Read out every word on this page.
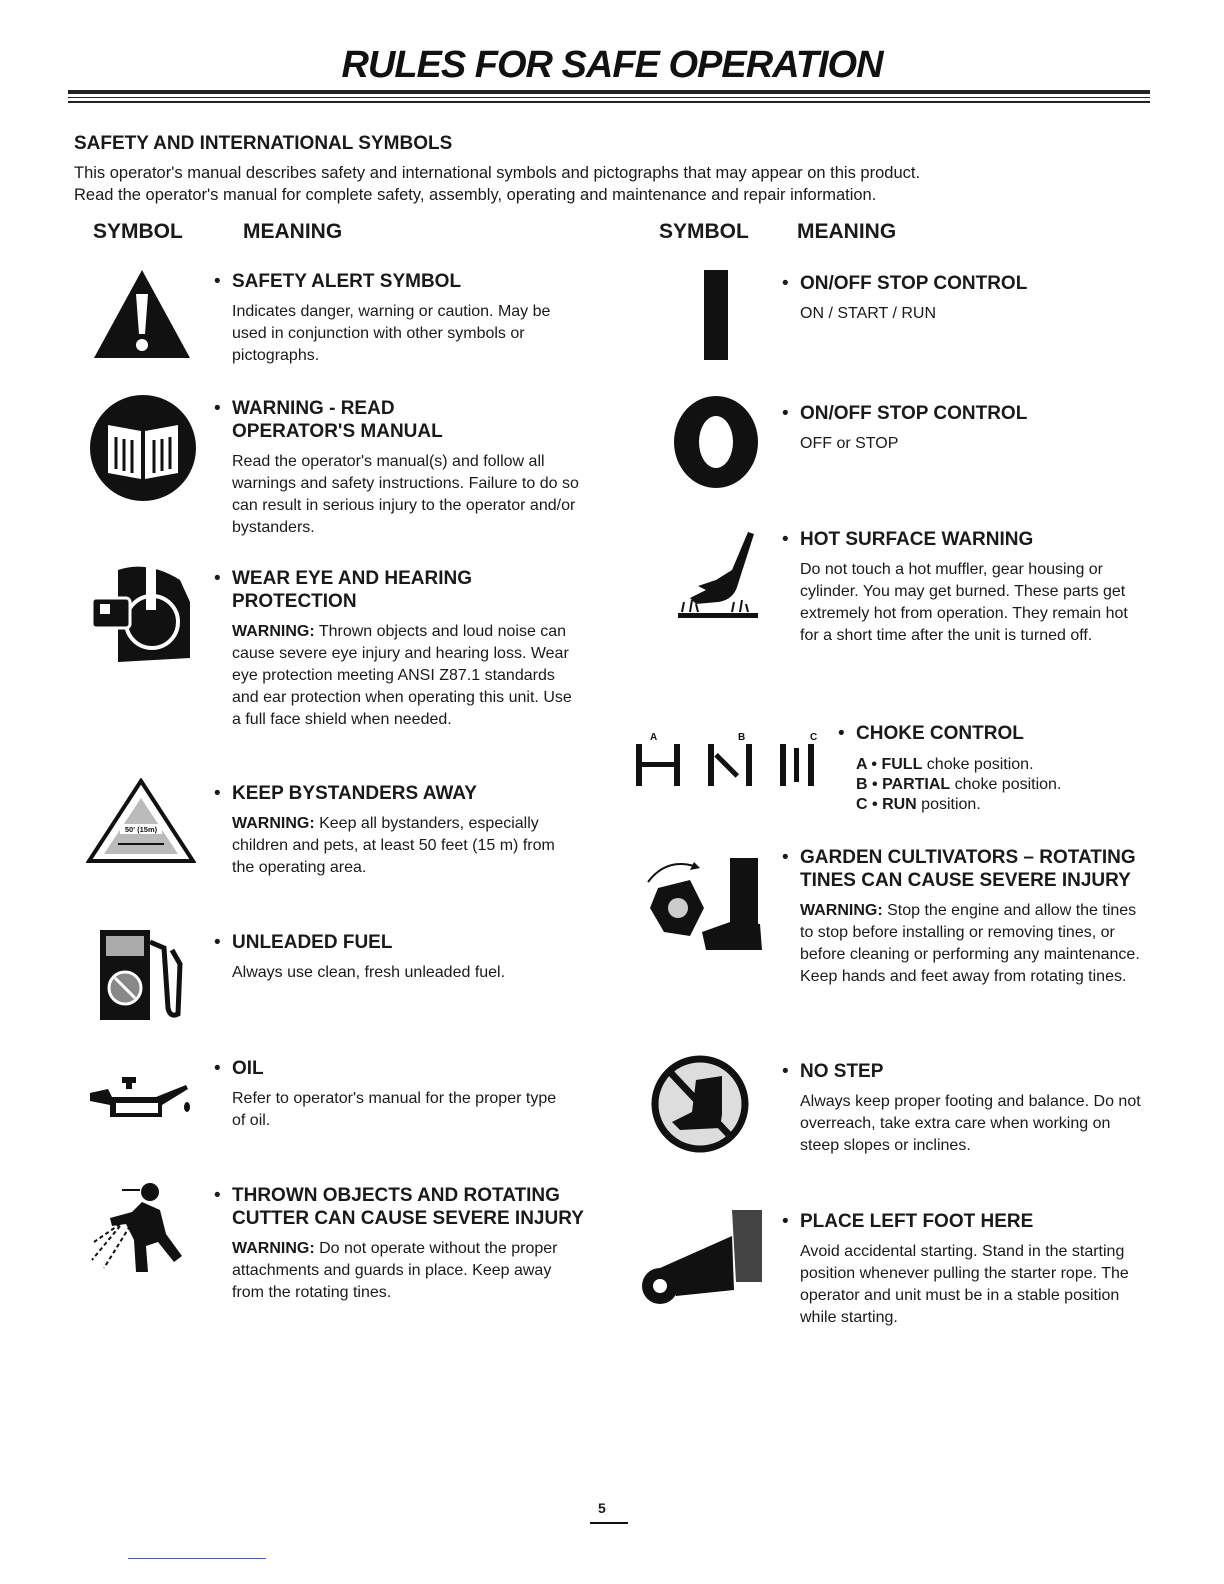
RULES FOR SAFE OPERATION
SAFETY AND INTERNATIONAL SYMBOLS
This operator's manual describes safety and international symbols and pictographs that may appear on this product.
Read the operator's manual for complete safety, assembly, operating and maintenance and repair information.
SYMBOL	MEANING	SYMBOL MEANING
• SAFETY ALERT SYMBOL
Indicates danger, warning or caution. May be used in conjunction with other symbols or pictographs.
• WARNING - READ OPERATOR'S MANUAL
Read the operator's manual(s) and follow all warnings and safety instructions. Failure to do so can result in serious injury to the operator and/or bystanders.
• WEAR EYE AND HEARING PROTECTION
WARNING: Thrown objects and loud noise can cause severe eye injury and hearing loss. Wear eye protection meeting ANSI Z87.1 standards and ear protection when operating this unit. Use a full face shield when needed.
50' (15m)
• KEEP BYSTANDERS AWAY
WARNING: Keep all bystanders, especially children and pets, at least 50 feet (15 m) from the operating area.
• UNLEADED FUEL
Always use clean, fresh unleaded fuel.
• OIL
Refer to operator's manual for the proper type of oil.
• THROWN OBJECTS AND ROTATING CUTTER CAN CAUSE SEVERE INJURY
WARNING: Do not operate without the proper attachments and guards in place. Keep away from the rotating tines.
• ON/OFF STOP CONTROL
ON / START / RUN
• ON/OFF STOP CONTROL
OFF or STOP
• HOT SURFACE WARNING
Do not touch a hot muffler, gear housing or cylinder. You may get burned. These parts get extremely hot from operation. They remain hot for a short time after the unit is turned off.
A	B	C
•	CHOKE CONTROL
A • FULL choke position.
B • PARTIAL choke position.
C • RUN position.
• GARDEN CULTIVATORS – ROTATING TINES CAN CAUSE SEVERE INJURY
WARNING: Stop the engine and allow the tines to stop before installing or removing tines, or before cleaning or performing any maintenance. Keep hands and feet away from rotating tines.
• NO STEP
Always keep proper footing and balance. Do not overreach, take extra care when working on steep slopes or inclines.
• PLACE LEFT FOOT HERE
Avoid accidental starting. Stand in the starting position whenever pulling the starter rope. The operator and unit must be in a stable position while starting.
5
